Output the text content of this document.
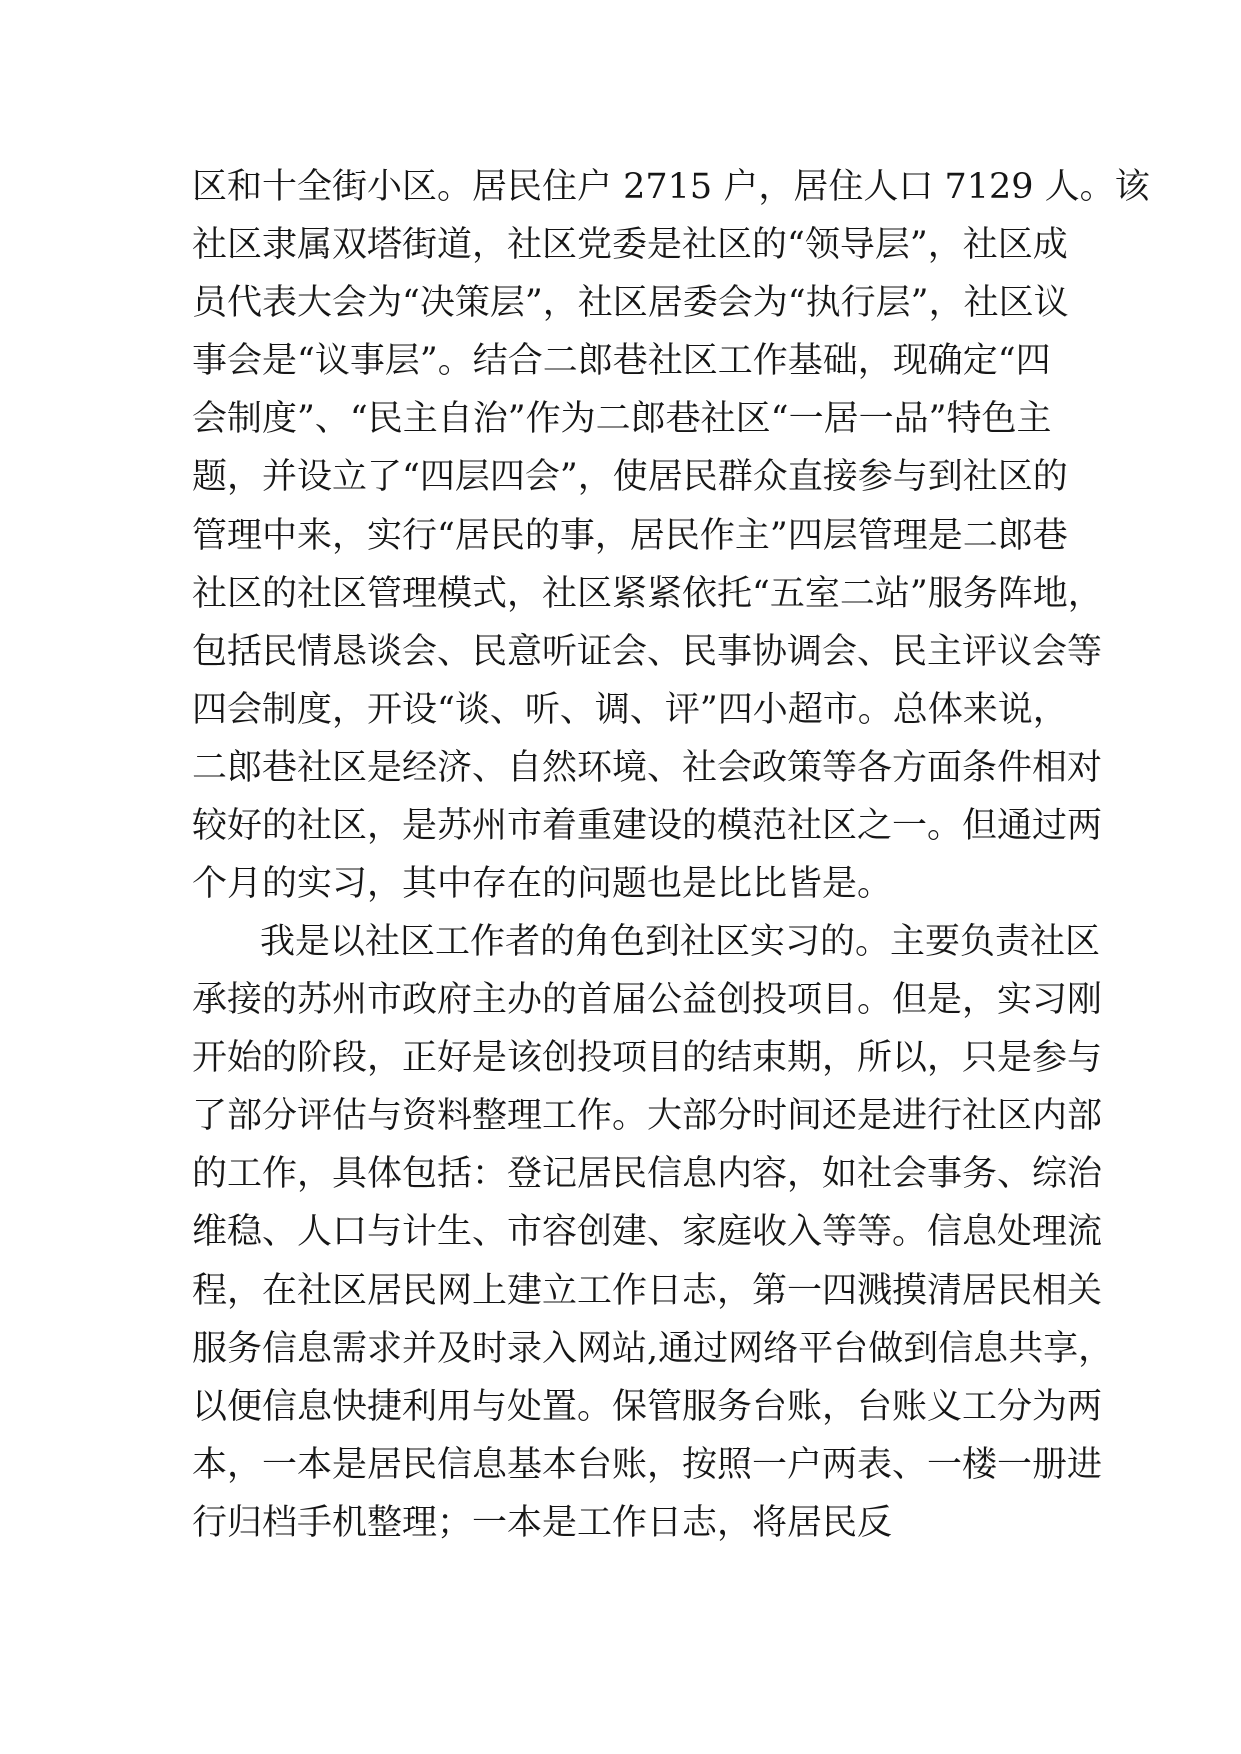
区和十全街小区。居民住户 2715 户，居住人口 7129 人。该
社区隶属双塔街道，社区党委是社区的“领导层”，社区成
员代表大会为“决策层”，社区居委会为“执行层”，社区议
事会是“议事层”。结合二郎巷社区工作基础，现确定“四
会制度”、“民主自治”作为二郎巷社区“一居一品”特色主
题，并设立了“四层四会”，使居民群众直接参与到社区的
管理中来，实行“居民的事，居民作主”四层管理是二郎巷
社区的社区管理模式，社区紧紧依托“五室二站”服务阵地，
包括民情恳谈会、民意听证会、民事协调会、民主评议会等
四会制度，开设“谈、听、调、评”四小超市。总体来说，
二郎巷社区是经济、自然环境、社会政策等各方面条件相对
较好的社区，是苏州市着重建设的模范社区之一。但通过两
个月的实习，其中存在的问题也是比比皆是。
我是以社区工作者的角色到社区实习的。主要负责社区
承接的苏州市政府主办的首届公益创投项目。但是，实习刚
开始的阶段，正好是该创投项目的结束期，所以，只是参与
了部分评估与资料整理工作。大部分时间还是进行社区内部
的工作，具体包括：登记居民信息内容，如社会事务、综治
维稳、人口与计生、市容创建、家庭收入等等。信息处理流
程，在社区居民网上建立工作日志，第一四溅摸清居民相关
服务信息需求并及时录入网站,通过网络平台做到信息共享，
以便信息快捷利用与处置。保管服务台账，台账义工分为两
本，一本是居民信息基本台账，按照一户两表、一楼一册进
行归档手机整理；一本是工作日志，将居民反
